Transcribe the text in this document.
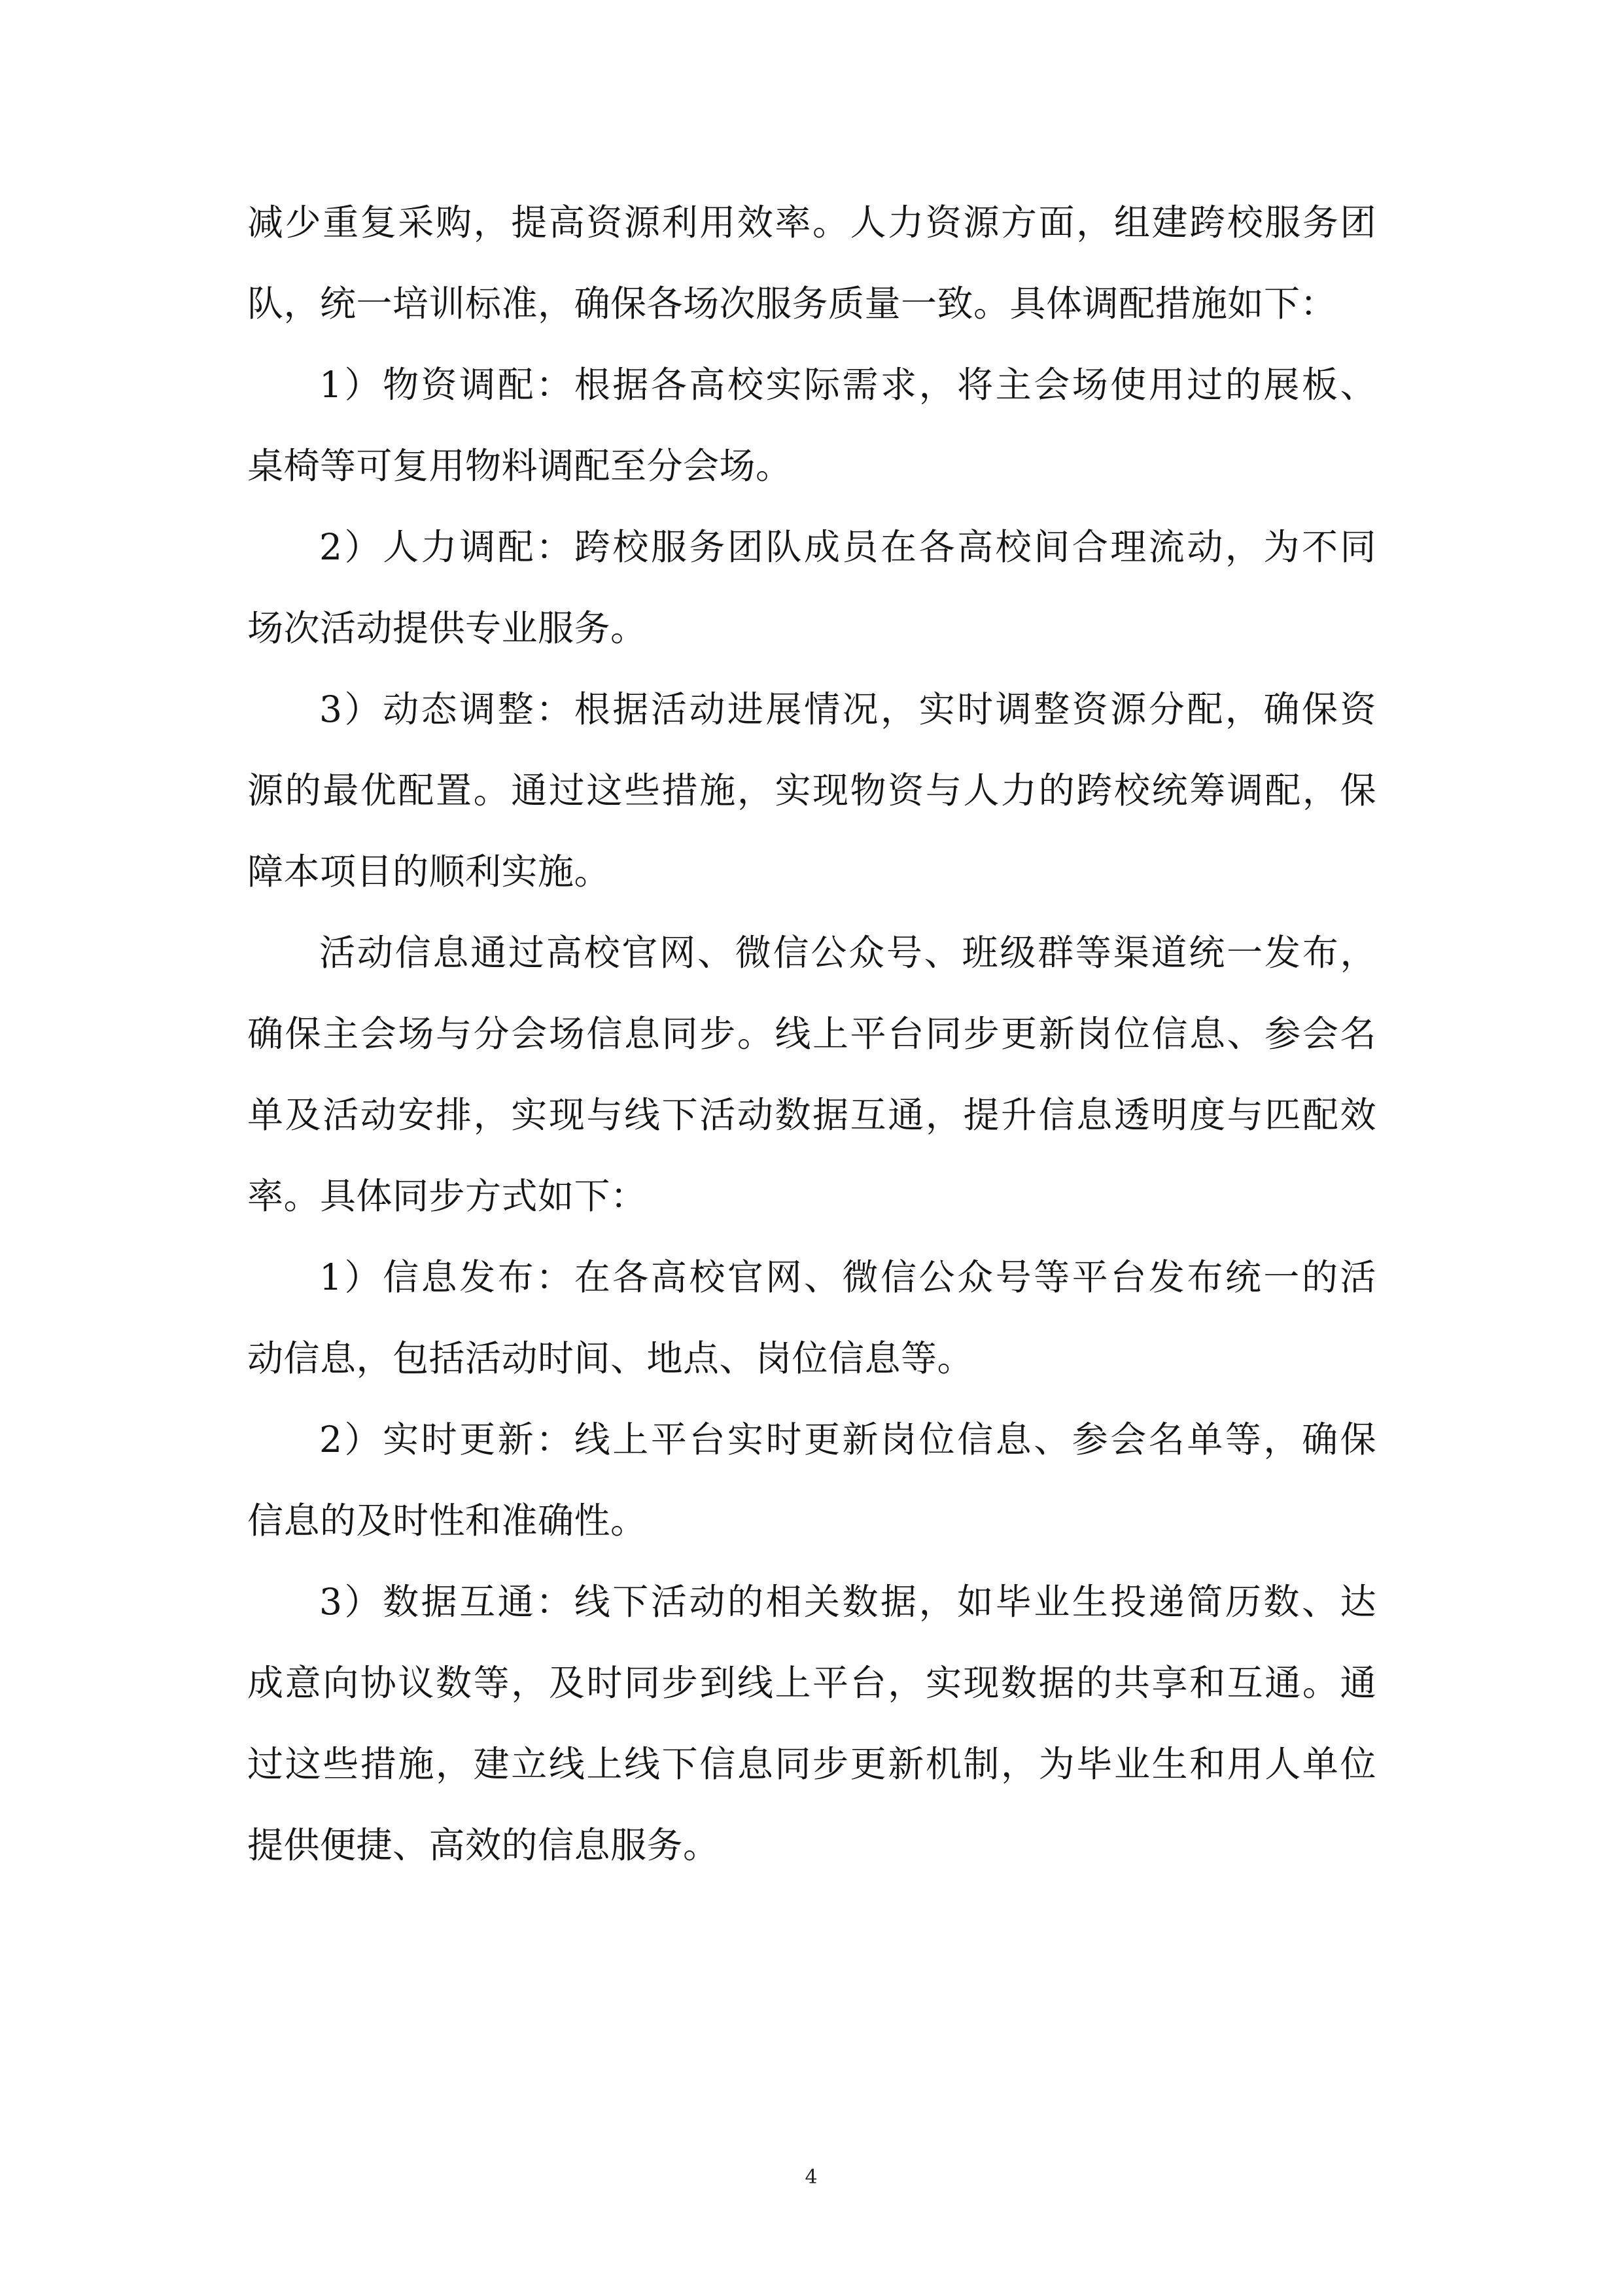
减少重复采购，提高资源利用效率。人力资源方面，组建跨校服务团
队，统一培训标准，确保各场次服务质量一致。具体调配措施如下：
1）物资调配：根据各高校实际需求，将主会场使用过的展板、
桌椅等可复用物料调配至分会场。
2）人力调配：跨校服务团队成员在各高校间合理流动，为不同
场次活动提供专业服务。
3）动态调整：根据活动进展情况，实时调整资源分配，确保资
源的最优配置。通过这些措施，实现物资与人力的跨校统筹调配，保
障本项目的顺利实施。
活动信息通过高校官网、微信公众号、班级群等渠道统一发布，
确保主会场与分会场信息同步。线上平台同步更新岗位信息、参会名
单及活动安排，实现与线下活动数据互通，提升信息透明度与匹配效
率。具体同步方式如下：
1）信息发布：在各高校官网、微信公众号等平台发布统一的活
动信息，包括活动时间、地点、岗位信息等。
2）实时更新：线上平台实时更新岗位信息、参会名单等，确保
信息的及时性和准确性。
3）数据互通：线下活动的相关数据，如毕业生投递简历数、达
成意向协议数等，及时同步到线上平台，实现数据的共享和互通。通
过这些措施，建立线上线下信息同步更新机制，为毕业生和用人单位
提供便捷、高效的信息服务。
4
